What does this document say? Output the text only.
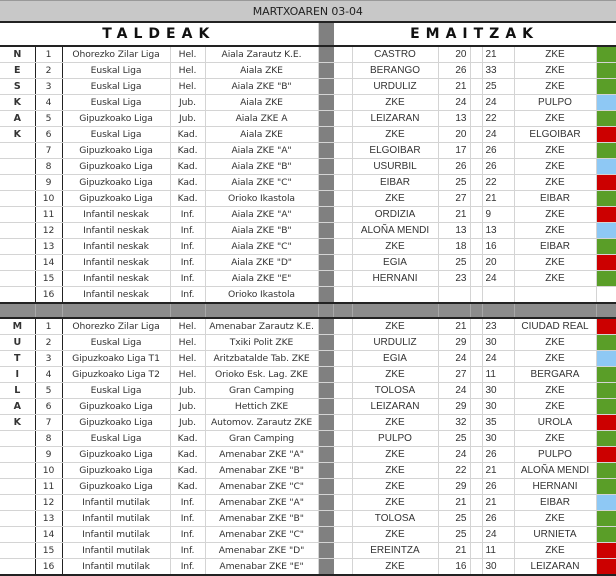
MARTXOAREN 03-04												
TALDEAK						EMAITZAK						
N	1	Ohorezko Zilar Liga	Hel.	Aiala Zarautz K.E.			CASTRO	20		21	ZKE	
E	2	Euskal Liga	Hel.	Aiala ZKE			BERANGO	26		33	ZKE	
S	3	Euskal Liga	Hel.	Aiala ZKE "B"			URDULIZ	21		25	ZKE	
K	4	Euskal Liga	Jub.	Aiala ZKE			ZKE	24		24	PULPO	
A	5	Gipuzkoako Liga	Jub.	Aiala ZKE A			LEIZARAN	13		22	ZKE	
K	6	Euskal Liga	Kad.	Aiala ZKE			ZKE	20		24	ELGOIBAR	
	7	Gipuzkoako Liga	Kad.	Aiala ZKE "A"			ELGOIBAR	17		26	ZKE	
	8	Gipuzkoako Liga	Kad.	Aiala ZKE "B"			USURBIL	26		26	ZKE	
	9	Gipuzkoako Liga	Kad.	Aiala ZKE "C"			EIBAR	25		22	ZKE	
	10	Gipuzkoako Liga	Kad.	Orioko Ikastola			ZKE	27		21	EIBAR	
	11	Infantil neskak	Inf.	Aiala ZKE "A"			ORDIZIA	21		9	ZKE	
	12	Infantil neskak	Inf.	Aiala ZKE "B"			ALOÑA MENDI	13		13	ZKE	
	13	Infantil neskak	Inf.	Aiala ZKE "C"			ZKE	18		16	EIBAR	
	14	Infantil neskak	Inf.	Aiala ZKE "D"			EGIA	25		20	ZKE	
	15	Infantil neskak	Inf.	Aiala ZKE "E"			HERNANI	23		24	ZKE	
	16	Infantil neskak	Inf.	Orioko Ikastola								

M	1	Ohorezko Zilar Liga	Hel.	Amenabar Zarautz K.E.			ZKE	21		23	CIUDAD REAL	
U	2	Euskal Liga	Hel.	Txiki Polit ZKE			URDULIZ	29		30	ZKE	
T	3	Gipuzkoako Liga T1	Hel.	Aritzbatalde Tab. ZKE			EGIA	24		24	ZKE	
I	4	Gipuzkoako Liga T2	Hel.	Orioko Esk. Lag. ZKE			ZKE	27		11	BERGARA	
L	5	Euskal Liga	Jub.	Gran Camping			TOLOSA	24		30	ZKE	
A	6	Gipuzkoako Liga	Jub.	Hettich ZKE			LEIZARAN	29		30	ZKE	
K	7	Gipuzkoako Liga	Jub.	Automov. Zarautz ZKE			ZKE	32		35	UROLA	
	8	Euskal Liga	Kad.	Gran Camping			PULPO	25		30	ZKE	
	9	Gipuzkoako Liga	Kad.	Amenabar ZKE "A"			ZKE	24		26	PULPO	
	10	Gipuzkoako Liga	Kad.	Amenabar ZKE "B"			ZKE	22		21	ALOÑA MENDI	
	11	Gipuzkoako Liga	Kad.	Amenabar ZKE "C"			ZKE	29		26	HERNANI	
	12	Infantil mutilak	Inf.	Amenabar ZKE "A"			ZKE	21		21	EIBAR	
	13	Infantil mutilak	Inf.	Amenabar ZKE "B"			TOLOSA	25		26	ZKE	
	14	Infantil mutilak	Inf.	Amenabar ZKE "C"			ZKE	25		24	URNIETA	
	15	Infantil mutilak	Inf.	Amenabar ZKE "D"			EREINTZA	21		11	ZKE	
	16	Infantil mutilak	Inf.	Amenabar ZKE "E"			ZKE	16		30	LEIZARAN	
